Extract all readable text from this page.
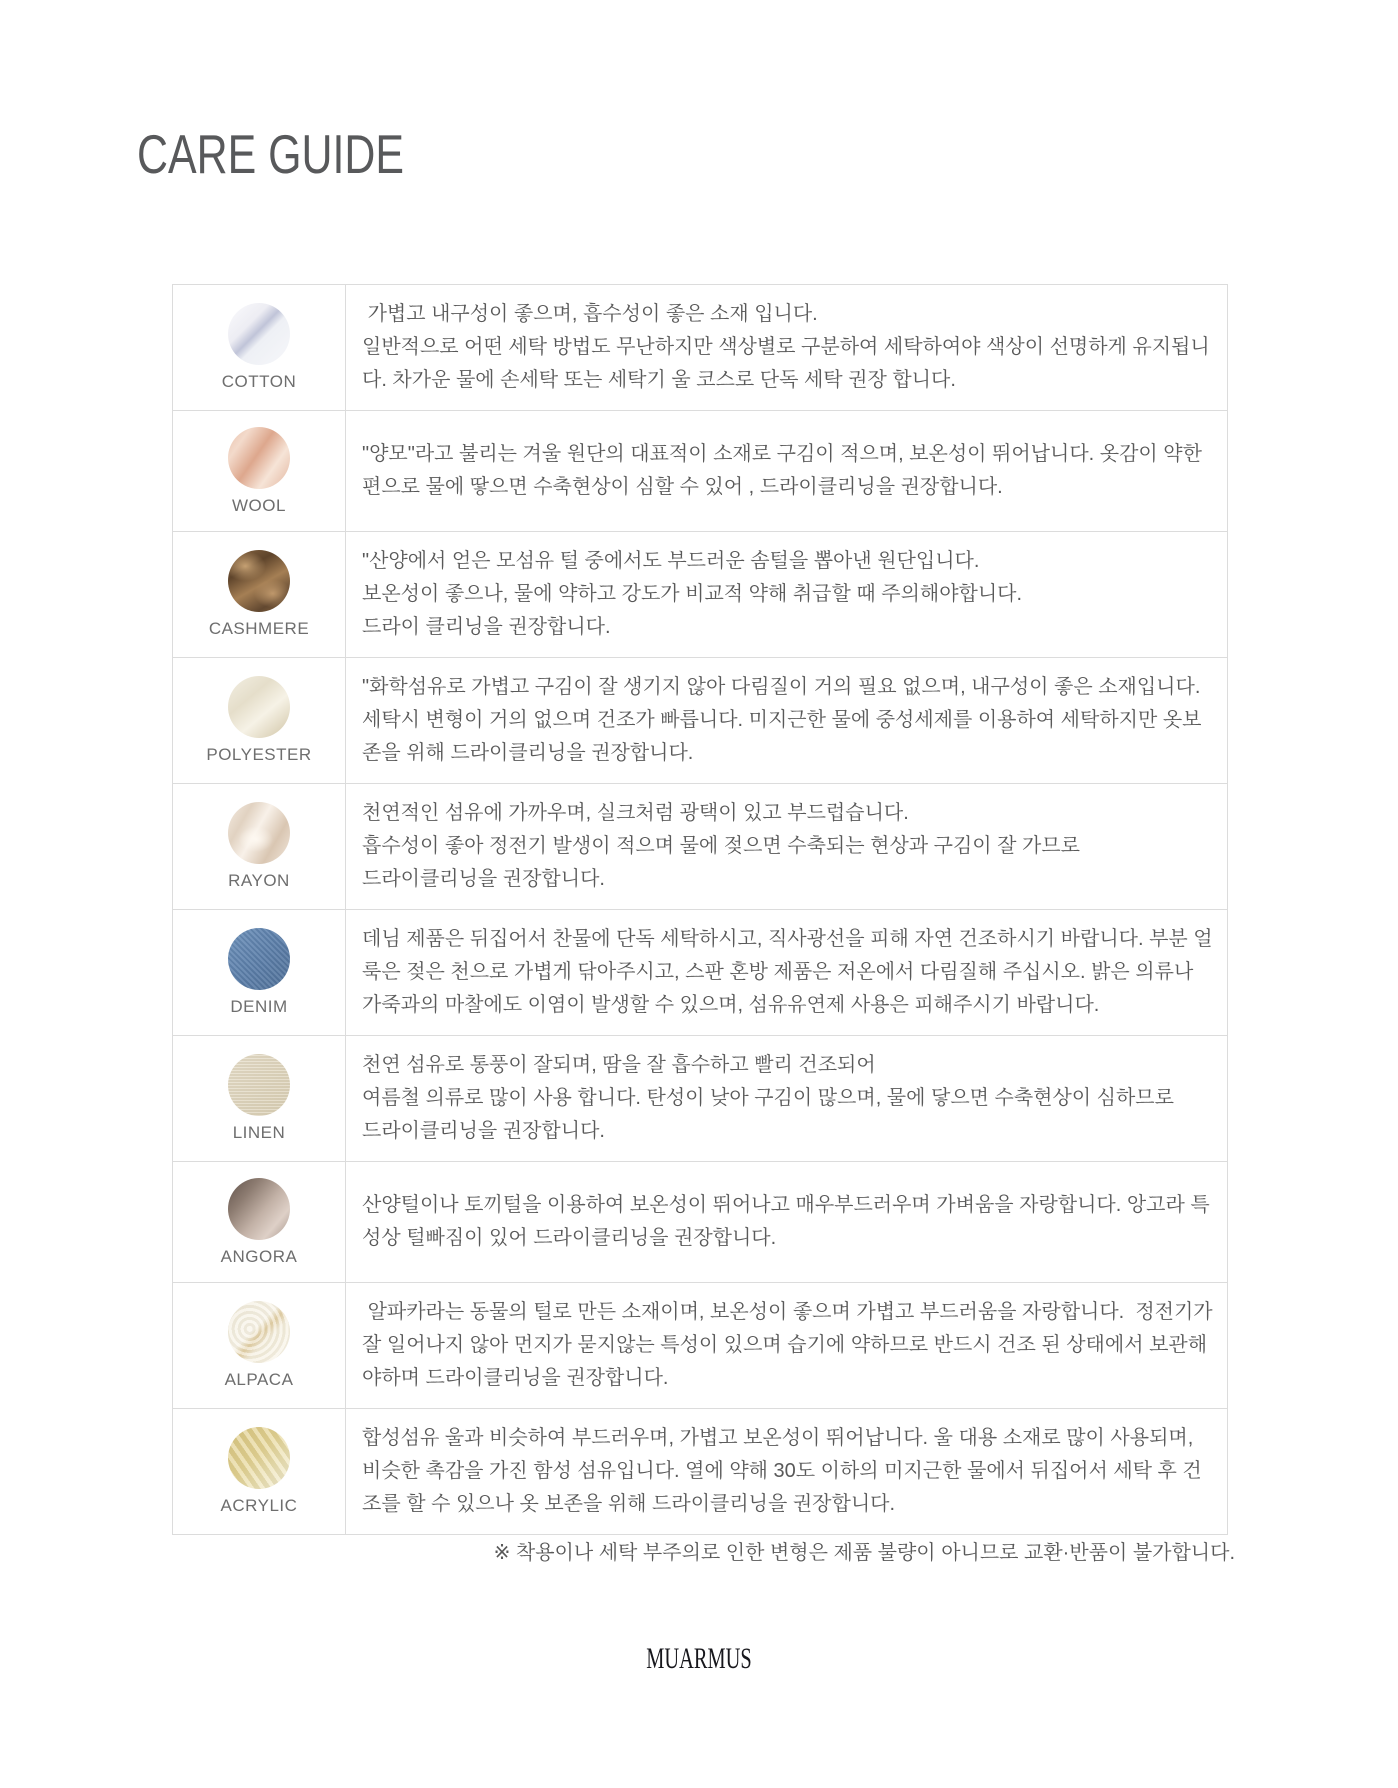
CARE GUIDE
COTTON

가볍고 내구성이 좋으며, 흡수성이 좋은 소재 입니다.
일반적으로 어떤 세탁 방법도 무난하지만 색상별로 구분하여 세탁하여야 색상이 선명하게 유지됩니다. 차가운 물에 손세탁 또는 세탁기 울 코스로 단독 세탁 권장 합니다.

WOOL

"양모"라고 불리는 겨울 원단의 대표적이 소재로 구김이 적으며, 보온성이 뛰어납니다. 옷감이 약한 편으로 물에 땋으면 수축현상이 심할 수 있어 , 드라이클리닝을 권장합니다.

CASHMERE

"산양에서 얻은 모섬유 털 중에서도 부드러운 솜털을 뽑아낸 원단입니다.
보온성이 좋으나, 물에 약하고 강도가 비교적 약해 취급할 때 주의해야합니다.
드라이 클리닝을 권장합니다.

POLYESTER

"화학섬유로 가볍고 구김이 잘 생기지 않아 다림질이 거의 필요 없으며, 내구성이 좋은 소재입니다. 세탁시 변형이 거의 없으며 건조가 빠릅니다. 미지근한 물에 중성세제를 이용하여 세탁하지만 옷보존을 위해 드라이클리닝을 권장합니다.

RAYON

천연적인 섬유에 가까우며, 실크처럼 광택이 있고 부드럽습니다.
흡수성이 좋아 정전기 발생이 적으며 물에 젖으면 수축되는 현상과 구김이 잘 가므로
드라이클리닝을 권장합니다.

DENIM

데님 제품은 뒤집어서 찬물에 단독 세탁하시고, 직사광선을 피해 자연 건조하시기 바랍니다. 부분 얼룩은 젖은 천으로 가볍게 닦아주시고, 스판 혼방 제품은 저온에서 다림질해 주십시오. 밝은 의류나 가죽과의 마찰에도 이염이 발생할 수 있으며, 섬유유연제 사용은 피해주시기 바랍니다.

LINEN

천연 섬유로 통풍이 잘되며, 땀을 잘 흡수하고 빨리 건조되어
여름철 의류로 많이 사용 합니다. 탄성이 낮아 구김이 많으며, 물에 닿으면 수축현상이 심하므로
드라이클리닝을 권장합니다.

ANGORA

산양털이나 토끼털을 이용하여 보온성이 뛰어나고 매우부드러우며 가벼움을 자랑합니다. 앙고라 특성상 털빠짐이 있어 드라이클리닝을 권장합니다.

ALPACA

알파카라는 동물의 털로 만든 소재이며, 보온성이 좋으며 가볍고 부드러움을 자랑합니다.  정전기가 잘 일어나지 않아 먼지가 묻지않는 특성이 있으며 습기에 약하므로 반드시 건조 된 상태에서 보관해야하며 드라이클리닝을 권장합니다.

ACRYLIC

합성섬유 울과 비슷하여 부드러우며, 가볍고 보온성이 뛰어납니다. 울 대용 소재로 많이 사용되며, 비슷한 촉감을 가진 함성 섬유입니다. 열에 약해 30도 이하의 미지근한 물에서 뒤집어서 세탁 후 건조를 할 수 있으나 옷 보존을 위해 드라이클리닝을 권장합니다.

※ 착용이나 세탁 부주의로 인한 변형은 제품 불량이 아니므로 교환·반품이 불가합니다.
MUARMUS
